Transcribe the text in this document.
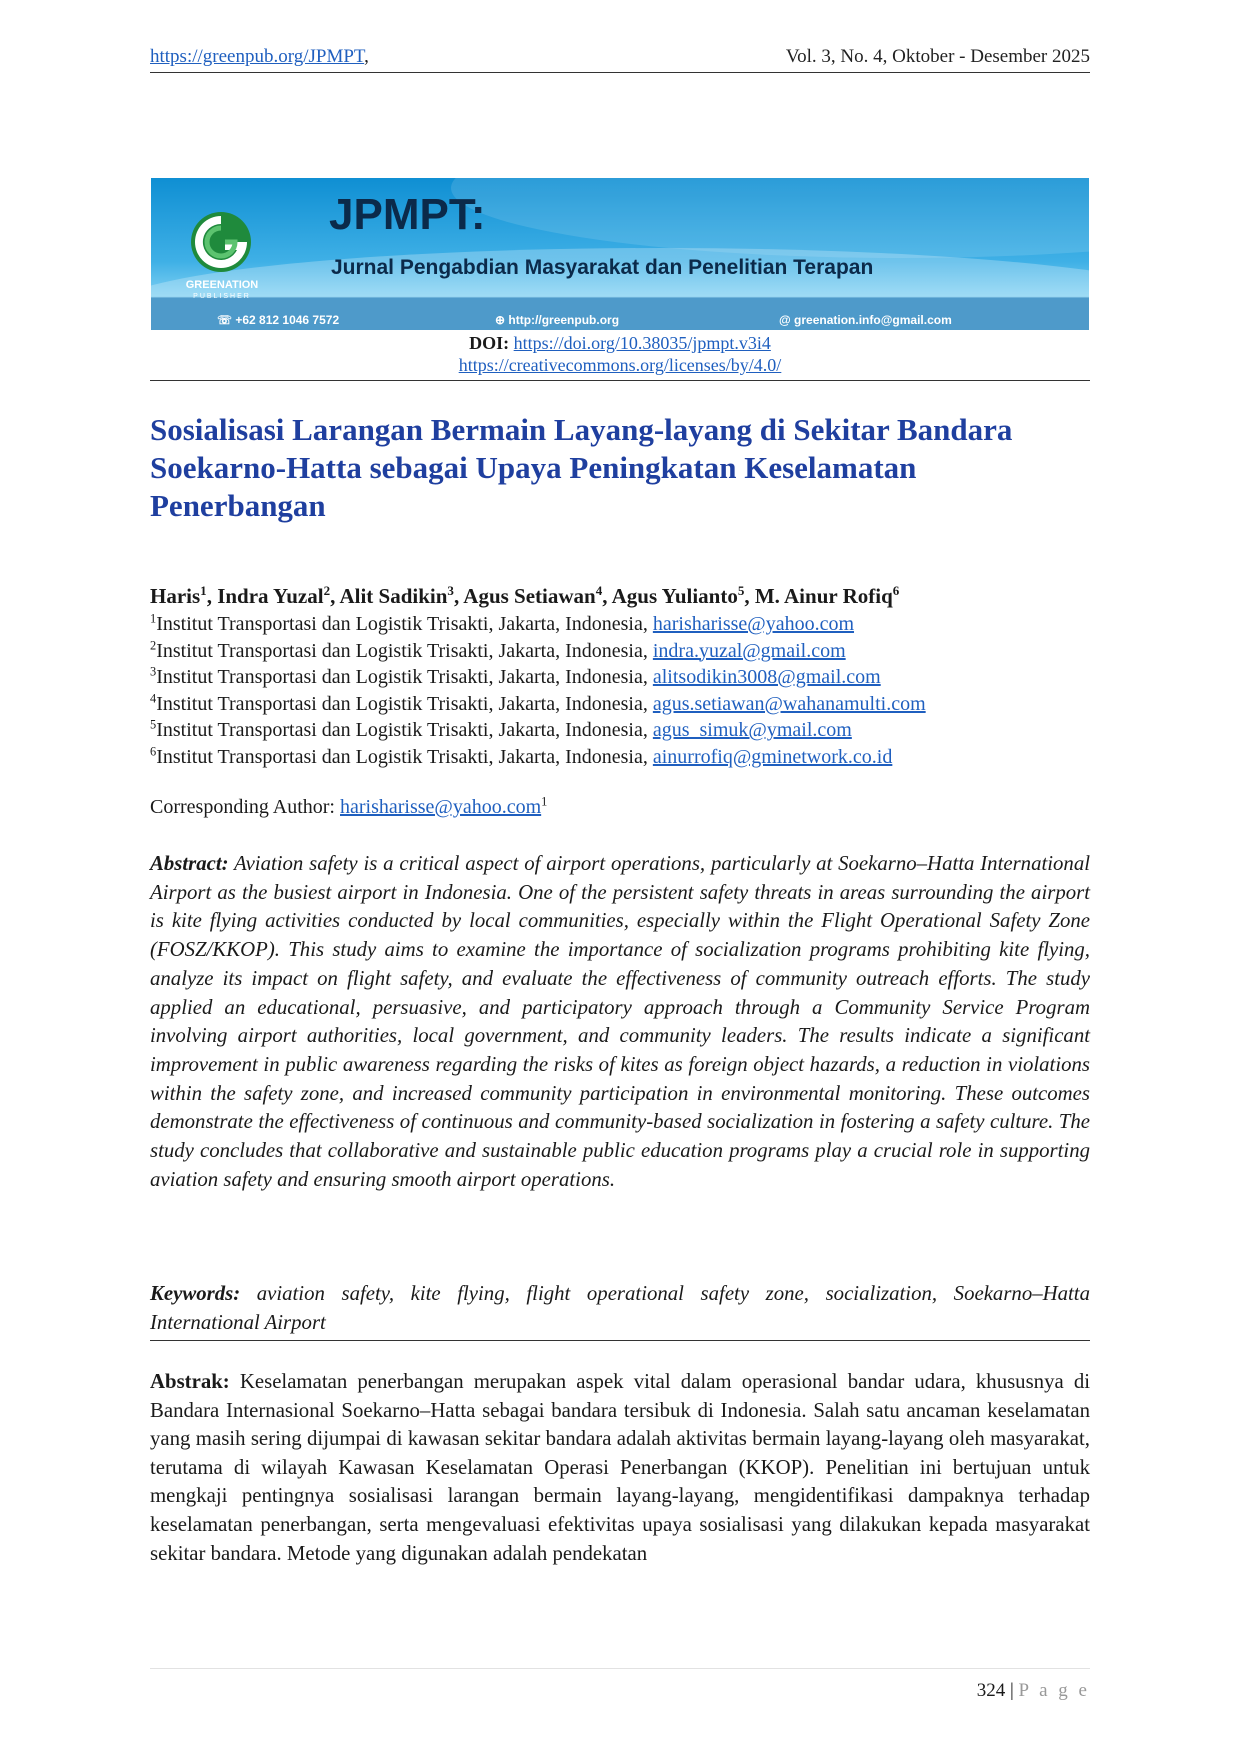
https://greenpub.org/JPMPT,	Vol. 3, No. 4, Oktober - Desember 2025
GREENATION
PUBLISHER
JPMPT:
Jurnal Pengabdian Masyarakat dan Penelitian Terapan
☏ +62 812 1046 7572	⊕ http://greenpub.org	@ greenation.info@gmail.com
DOI: https://doi.org/10.38035/jpmpt.v3i4
https://creativecommons.org/licenses/by/4.0/
Sosialisasi Larangan Bermain Layang-layang di Sekitar Bandara Soekarno-Hatta sebagai Upaya Peningkatan Keselamatan Penerbangan
Haris$^1$, Indra Yuzal$^2$, Alit Sadikin$^3$, Agus Setiawan$^4$, Agus Yulianto$^5$, M. Ainur Rofiq$^6$
$^1$Institut Transportasi dan Logistik Trisakti, Jakarta, Indonesia, harisharisse@yahoo.com
$^2$Institut Transportasi dan Logistik Trisakti, Jakarta, Indonesia, indra.yuzal@gmail.com
$^3$Institut Transportasi dan Logistik Trisakti, Jakarta, Indonesia, alitsodikin3008@gmail.com
$^4$Institut Transportasi dan Logistik Trisakti, Jakarta, Indonesia, agus.setiawan@wahanamulti.com
$^5$Institut Transportasi dan Logistik Trisakti, Jakarta, Indonesia, agus_simuk@ymail.com
$^6$Institut Transportasi dan Logistik Trisakti, Jakarta, Indonesia, ainurrofiq@gminetwork.co.id
Corresponding Author: harisharisse@yahoo.com$^1$
Abstract: Aviation safety is a critical aspect of airport operations, particularly at Soekarno–Hatta International Airport as the busiest airport in Indonesia. One of the persistent safety threats in areas surrounding the airport is kite flying activities conducted by local communities, especially within the Flight Operational Safety Zone (FOSZ/KKOP). This study aims to examine the importance of socialization programs prohibiting kite flying, analyze its impact on flight safety, and evaluate the effectiveness of community outreach efforts. The study applied an educational, persuasive, and participatory approach through a Community Service Program involving airport authorities, local government, and community leaders. The results indicate a significant improvement in public awareness regarding the risks of kites as foreign object hazards, a reduction in violations within the safety zone, and increased community participation in environmental monitoring. These outcomes demonstrate the effectiveness of continuous and community-based socialization in fostering a safety culture. The study concludes that collaborative and sustainable public education programs play a crucial role in supporting aviation safety and ensuring smooth airport operations.
Keywords: aviation safety, kite flying, flight operational safety zone, socialization, Soekarno–Hatta International Airport
Abstrak: Keselamatan penerbangan merupakan aspek vital dalam operasional bandar udara, khususnya di Bandara Internasional Soekarno–Hatta sebagai bandara tersibuk di Indonesia. Salah satu ancaman keselamatan yang masih sering dijumpai di kawasan sekitar bandara adalah aktivitas bermain layang-layang oleh masyarakat, terutama di wilayah Kawasan Keselamatan Operasi Penerbangan (KKOP). Penelitian ini bertujuan untuk mengkaji pentingnya sosialisasi larangan bermain layang-layang, mengidentifikasi dampaknya terhadap keselamatan penerbangan, serta mengevaluasi efektivitas upaya sosialisasi yang dilakukan kepada masyarakat sekitar bandara. Metode yang digunakan adalah pendekatan
324 | P a g e
